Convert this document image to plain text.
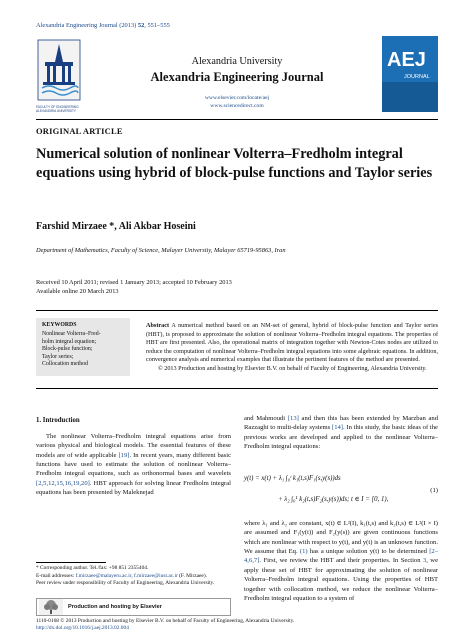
Alexandria Engineering Journal (2013) 52, 551–555
FACULTY OF ENGINEERING
ALEXANDRIA UNIVERSITY
Alexandria University
Alexandria Engineering Journal
www.elsevier.com/locate/aej
www.sciencedirect.com
AEJ
JOURNAL
ORIGINAL ARTICLE
Numerical solution of nonlinear Volterra–Fredholm integral equations using hybrid of block-pulse functions and Taylor series
Farshid Mirzaee *, Ali Akbar Hoseini
Department of Mathematics, Faculty of Science, Malayer University, Malayer 65719-95863, Iran
Received 10 April 2011; revised 1 January 2013; accepted 10 February 2013
Available online 20 March 2013
KEYWORDS
Nonlinear Volterra–Fred-
holm integral equation;
Block-pulse function;
Taylor series;
Collocation method
Abstract A numerical method based on an NM-set of general, hybrid of block-pulse function and Taylor series (HBT), is proposed to approximate the solution of nonlinear Volterra–Fredholm integral equations. The properties of HBT are first presented. Also, the operational matrix of integration together with Newton-Cotes nodes are utilized to reduce the computation of nonlinear Volterra–Fredholm integral equations into some algebraic equations. In addition, convergence analysis and numerical examples that illustrate the pertinent features of the method are presented.
© 2013 Production and hosting by Elsevier B.V. on behalf of Faculty of Engineering, Alexandria University.
1. Introduction
The nonlinear Volterra–Fredholm integral equations arise from various physical and biological models. The essential features of these models are of wide applicable [19]. In recent years, many different basic functions have used to estimate the solution of nonlinear Volterra–Fredholm integral equations, such as orthonormal bases and wavelets [2,5,12,15,16,19,20]. HBT approach for solving linear Fredholm integral equations has been presented by Maleknejad
and Mahmoudi [13] and then this has been extended by Marzban and Razzaghi to multi-delay systems [14]. In this study, the basic ideas of the previous works are developed and applied to the nonlinear Volterra–Fredholm integral equations:
y(t) = x(t) + λ₁ ∫₀ᵗ k₁(t,s)F₁(s,y(s))ds
+ λ₂ ∫₀¹ k₂(t,s)F₂(s,y(s))ds; t ∈ I = [0, 1),
(1)
where λ₁ and λ₂ are constant, x(t) ∈ L²(I), k₁(t,s) and k₂(t,s) ∈ L²(I × I) are assumed and F₁(y(t)) and F₂(y(s)) are given continuous functions which are nonlinear with respect to y(t), and y(t) is an unknown function. We assume that Eq. (1) has a unique solution y(t) to be determined [2–4,6,7]. First, we review the HBT and their properties. In Section 3, we apply these set of HBT for approximating the solution of nonlinear Volterra–Fredholm integral equations. Using the properties of HBT together with collocation method, we reduce the nonlinear Volterra–Fredholm integral equation to a system of
* Corresponding author. Tel./fax: +98 851 2355404.
E-mail addresses: f.mirzaee@malayeru.ac.ir, f.mirzaee@iust.ac.ir (F. Mirzaee).
Peer review under responsibility of Faculty of Engineering, Alexandria University.
Production and hosting by Elsevier
1110-0168 © 2013 Production and hosting by Elsevier B.V. on behalf of Faculty of Engineering, Alexandria University.
http://dx.doi.org/10.1016/j.aej.2013.02.004
